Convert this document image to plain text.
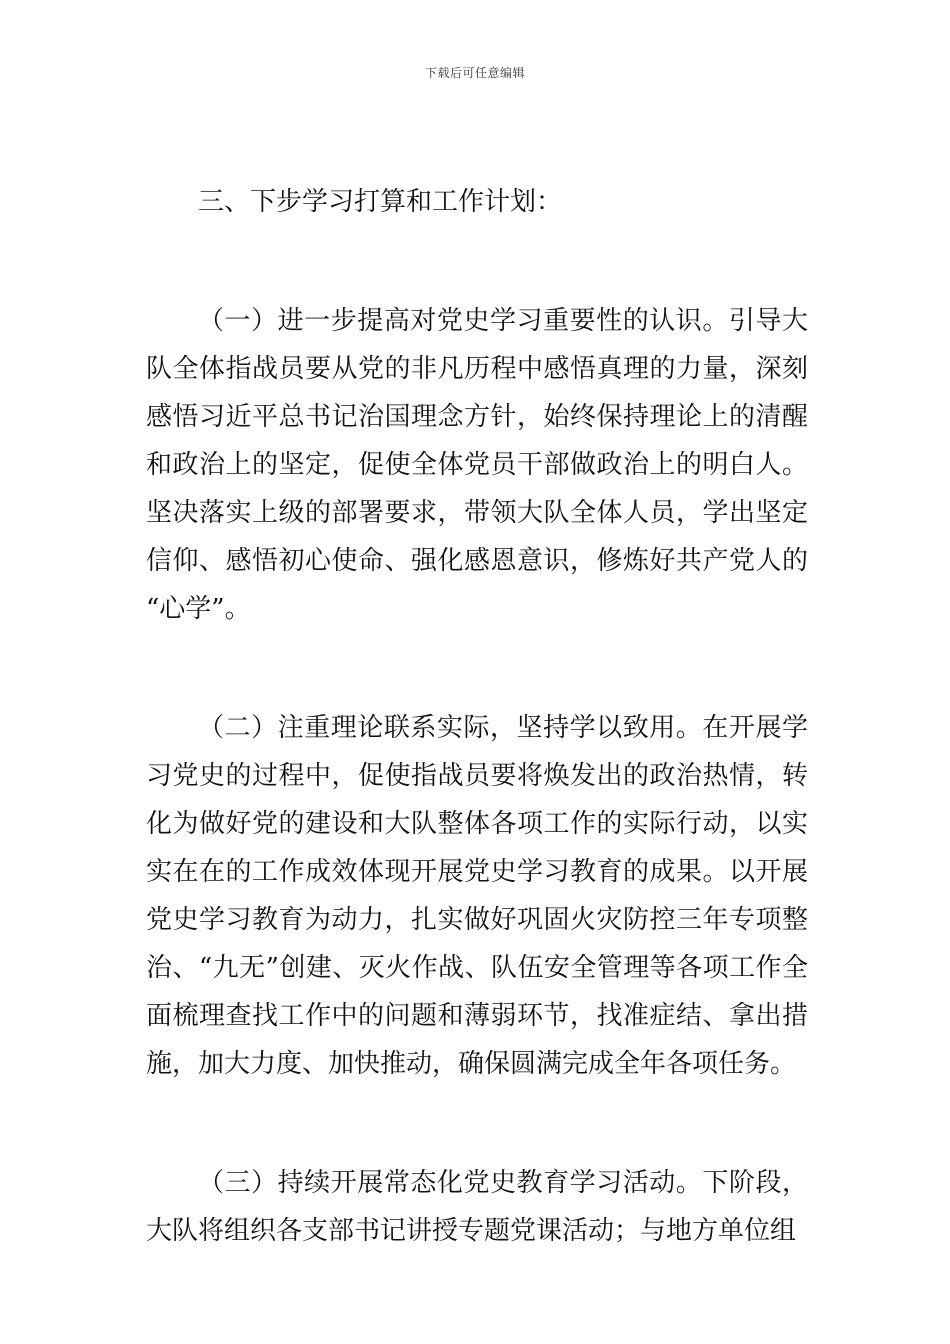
下载后可任意编辑

三、下步学习打算和工作计划：

（一）进一步提高对党史学习重要性的认识。引导大队全体指战员要从党的非凡历程中感悟真理的力量，深刻感悟习近平总书记治国理念方针，始终保持理论上的清醒和政治上的坚定，促使全体党员干部做政治上的明白人。坚决落实上级的部署要求，带领大队全体人员，学出坚定信仰、感悟初心使命、强化感恩意识，修炼好共产党人的“心学”。

（二）注重理论联系实际，坚持学以致用。在开展学习党史的过程中，促使指战员要将焕发出的政治热情，转化为做好党的建设和大队整体各项工作的实际行动，以实实在在的工作成效体现开展党史学习教育的成果。以开展党史学习教育为动力，扎实做好巩固火灾防控三年专项整治、“九无”创建、灭火作战、队伍安全管理等各项工作全面梳理查找工作中的问题和薄弱环节，找准症结、拿出措施，加大力度、加快推动，确保圆满完成全年各项任务。

（三）持续开展常态化党史教育学习活动。下阶段，大队将组织各支部书记讲授专题党课活动；与地方单位组
